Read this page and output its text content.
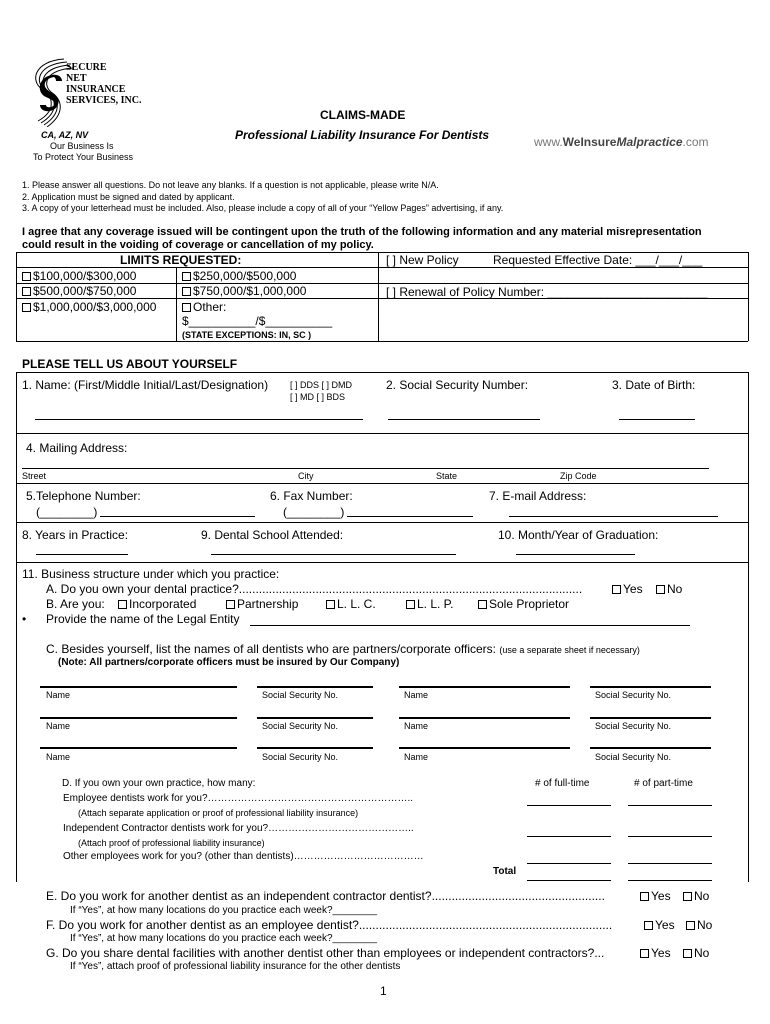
SECURE
NET
INSURANCE
SERVICES, INC.
CA, AZ, NV
Our Business Is
To Protect Your Business
CLAIMS-MADE
Professional Liability Insurance For Dentists	www.WeInsureMalpractice.com
1. Please answer all questions. Do not leave any blanks. If a question is not applicable, please write N/A.
2. Application must be signed and dated by applicant.
3. A copy of your letterhead must be included. Also, please include a copy of all of your “Yellow Pages” advertising, if any.
I agree that any coverage issued will be contingent upon the truth of the following information and any material misrepresentation
could result in the voiding of coverage or cancellation of my policy.
LIMITS REQUESTED:
$100,000/$300,000	$250,000/$500,000
$500,000/$750,000	$750,000/$1,000,000
$1,000,000/$3,000,000	Other:
$__________/$__________
(STATE EXCEPTIONS: IN, SC )
[ ] New Policy	Requested Effective Date: ___/___/___
[ ] Renewal of Policy Number: ________________________
PLEASE TELL US ABOUT YOURSELF
1. Name: (First/Middle Initial/Last/Designation) [ ] DDS [ ] DMD
[ ] MD [ ] BDS
2. Social Security Number:	3. Date of Birth:
4. Mailing Address:
Street	City	State	Zip Code
5.Telephone Number:	6. Fax Number:	7. E-mail Address:
(________)	(________)
8. Years in Practice:	9. Dental School Attended:	10. Month/Year of Graduation:
11. Business structure under which you practice:
A. Do you own your dental practice?.......................................................................................................	Yes	No
B. Are you:	Incorporated	Partnership	L. L. C.	L. L. P.	Sole Proprietor
• Provide the name of the Legal Entity
C. Besides yourself, list the names of all dentists who are partners/corporate officers: (use a separate sheet if necessary)
(Note: All partners/corporate officers must be insured by Our Company)
Name	Social Security No.	Name	Social Security No.
Name	Social Security No.	Name	Social Security No.
Name	Social Security No.	Name	Social Security No.
D. If you own your own practice, how many:	# of full-time	# of part-time
Employee dentists work for you?……………………………………………………..
(Attach separate application or proof of professional liability insurance)
Independent Contractor dentists work for you?……………………………………..
(Attach proof of professional liability insurance)
Other employees work for you? (other than dentists)…………………………………
Total
E. Do you work for another dentist as an independent contractor dentist?....................................................	Yes	No
If “Yes”, at how many locations do you practice each week?________
F. Do you work for another dentist as an employee dentist?............................................................................	Yes	No
If “Yes”, at how many locations do you practice each week?________
G. Do you share dental facilities with another dentist other than employees or independent contractors?...	Yes	No
If “Yes”, attach proof of professional liability insurance for the other dentists
1
